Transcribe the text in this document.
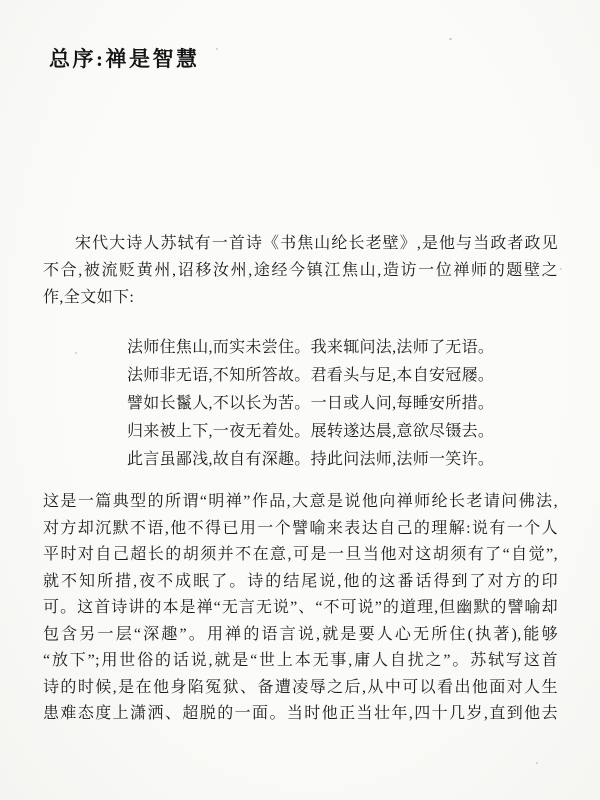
总序:禅是智慧
宋代大诗人苏轼有一首诗《书焦山纶长老壁》,是他与当政者政见
不合,被流贬黄州,诏移汝州,途经今镇江焦山,造访一位禅师的题壁之
作,全文如下:
法师住焦山,而实未尝住。我来辄问法,法师了无语。
法师非无语,不知所答故。君看头与足,本自安冠屦。
譬如长鬣人,不以长为苦。一日或人问,每睡安所措。
归来被上下,一夜无着处。展转遂达晨,意欲尽镊去。
此言虽鄙浅,故自有深趣。持此问法师,法师一笑许。
这是一篇典型的所谓“明禅”作品,大意是说他向禅师纶长老请问佛法,
对方却沉默不语,他不得已用一个譬喻来表达自己的理解:说有一个人
平时对自己超长的胡须并不在意,可是一旦当他对这胡须有了“自觉”,
就不知所措,夜不成眠了。诗的结尾说,他的这番话得到了对方的印
可。这首诗讲的本是禅“无言无说”、“不可说”的道理,但幽默的譬喻却
包含另一层“深趣”。用禅的语言说,就是要人心无所住(执著),能够
“放下”;用世俗的话说,就是“世上本无事,庸人自扰之”。苏轼写这首
诗的时候,是在他身陷冤狱、备遭凌辱之后,从中可以看出他面对人生
患难态度上潇洒、超脱的一面。当时他正当壮年,四十几岁,直到他去
